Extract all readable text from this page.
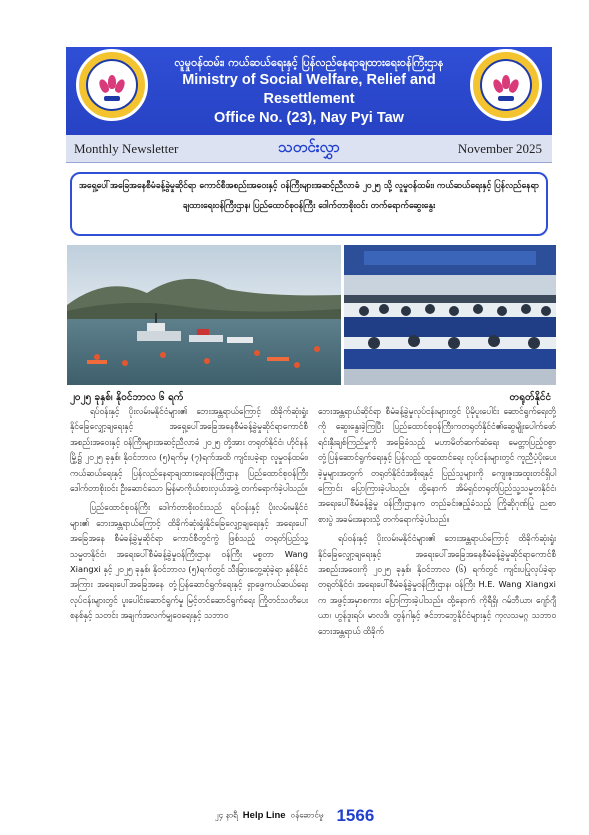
လူမှုဝန်ထမ်း၊ ကယ်ဆယ်ရေးနှင့် ပြန်လည်နေရာချထားရေးဝန်ကြီးဌာန
Ministry of Social Welfare, Relief and Resettlement
Office No. (23), Nay Pyi Taw
Monthly Newsletter	သတင်းလွှာ	November 2025
အရှေ့ပေါ်အခြေအနေစီမံခန့်ခွဲမှုဆိုင်ရာ ကောင်စီအစည်းအဝေးနှင့် ဝန်ကြီးများအဆင့်ညီလာခံ ၂၀၂၅ သို့ လူမှုဝန်ထမ်း၊ ကယ်ဆယ်ရေးနှင့် ပြန်လည်နေရာချထားရေးဝန်ကြီးဌာန၊ ပြည်ထောင်စုဝန်ကြီး ဒေါက်တာစိုးဝင်း တက်ရောက်ဆွေးနွေး
၂၀၂၅ ခုနှစ်၊ နိုဝင်ဘာလ ၆ ရက်	တရုတ်နိုင်ငံ

ရပ်ဝန်းနှင့် ပိုးလမ်းမနိုင်ငံများ၏ ဘေးအန္တရာယ်ကြောင့် ထိခိုက်ဆုံးရှုံးနိုင်ခြေလျှော့ချရေးနှင့် အရှေ့ပေါ်အခြေအနေစီမံခန့်ခွဲမှုဆိုင်ရာကောင်စီ အစည်းအဝေးနှင့် ဝန်ကြီးများအဆင့်ညီလာခံ ၂၀၂၅ တို့အား တရုတ်နိုင်ငံ၊ ဟိုင်နန်မြို့၌ ၂၀၂၅ ခုနှစ်၊ နိုဝင်ဘာလ (၅)ရက်မှ (၇)ရက်အထိ ကျင်းပခဲ့ရာ လူမှုဝန်ထမ်း၊ ကယ်ဆယ်ရေးနှင့် ပြန်လည်နေရာချထားရေးဝန်ကြီးဌာန ပြည်ထောင်စုဝန်ကြီး ဒေါက်တာစိုးဝင်း ဦးဆောင်သော မြန်မာကိုယ်စားလှယ်အဖွဲ့ တက်ရောက်ခဲ့ပါသည်။

ပြည်ထောင်စုဝန်ကြီး ဒေါက်တာစိုးဝင်းသည် ရပ်ဝန်းနှင့် ပိုးလမ်းမနိုင်ငံများ၏ ဘေးအန္တရာယ်ကြောင့် ထိခိုက်ဆုံးရှုံးနိုင်ခြေလျှော့ချရေးနှင့် အရေးပေါ်အခြေအနေ စီမံခန့်ခွဲမှုဆိုင်ရာ ကောင်စီတွင်ကွဲ ဖြစ်သည့် တရုတ်ပြည်သူ့သမ္မတနိုင်ငံ၊ အရေးပေါ်စီမံခန့်ခွဲမှုဝန်ကြီးဌာန၊ ဝန်ကြီး မစ္စတာ Wang Xiangxi နှင့် ၂၀၂၅ ခုနှစ်၊ နိုဝင်ဘာလ (၅)ရက်တွင် သီးခြားတွေ့ဆုံခဲ့ရာ နှစ်နိုင်ငံအကြား အရေးပေါ်အခြေအနေ တုံ့ပြန်ဆောင်ရွက်ရေးနှင့် ရှာဖွေကယ်ဆယ်ရေး လုပ်ငန်းများတွင် ပူးပေါင်းဆောင်ရွက်မှု မြင့်တင်ဆောင်ရွက်ရေး ကြိုတင်သတိပေးစနစ်နှင့် သတင်း အချက်အလက်မျှဝေရေးနှင့် သဘာဝ

ဘေးအန္တရာယ်ဆိုင်ရာ စီမံခန့်ခွဲမှုလုပ်ငန်းများတွင် ပိုမိုပူးပေါင်း ဆောင်ရွက်ရေးတို့ကို ဆွေးနွေးခဲ့ကြပြီး ပြည်ထောင်စုဝန်ကြီးကတရုတ်နိုင်ငံ၏ဆွေမျိုးပေါက်ဖော်ရင်းနှီးချစ်ကြည်မှုကို အခြေခံသည့် မဟာမိတ်ဆက်ဆံရေး မေတ္တာပြည့်ဝစွာ တုံ့ပြန်ဆောင်ရွက်ရေးနှင့် ပြန်လည် ထူထောင်ရေး လုပ်ငန်းများတွင် ကူညီပံ့ပိုးပေးခဲ့မှုများအတွက် တရုတ်နိုင်ငံအစိုးရနှင့် ပြည်သူများကို ကျေးဇူးအထူးတင်ရှိပါကြောင်း ပြောကြားခဲ့ပါသည်။ ထို့နောက် အိမ်ရှင်တရုတ်ပြည်သူ့သမ္မတနိုင်ငံ၊ အရေးပေါ်စီမံခန့်ခွဲမှု ဝန်ကြီးဌာနက တည်ခင်းဧည့်ခံသည့် ကြိုဆိုဂုဏ်ပြု ညစာစားပွဲ အခမ်းအနားသို့ တက်ရောက်ခဲ့ပါသည်။

ရပ်ဝန်းနှင့် ပိုးလမ်းမနိုင်ငံများ၏ ဘေးအန္တရာယ်ကြောင့် ထိခိုက်ဆုံးရှုံးနိုင်ခြေလျှော့ချရေးနှင့် အရေးပေါ်အခြေအနေစီမံခန့်ခွဲမှုဆိုင်ရာကောင်စီ အစည်းအဝေးကို ၂၀၂၅ ခုနှစ်၊ နိုဝင်ဘာလ (၆) ရက်တွင် ကျင်းပပြုလုပ်ခဲ့ရာ တရုတ်နိုင်ငံ၊ အရေးပေါ်စီမံခန့်ခွဲမှုဝန်ကြီးဌာန၊ ဝန်ကြီး H.E. Wang Xiangxi က အဖွင့်အမှာစကား ပြောကြားခဲ့ပါသည်။ ထို့နောက် ကိုရီရှိ၊ ဂမ်ဘီယာ၊ ဂျော်ဂျီယာ၊ ဟွန်ဒူးရပ်၊ မာလဒိ၊ တွန်ဂါနှင့် ဇင်ဘာဘွေနိုင်ငံများနှင့် ကုလသမဂ္ဂ သဘာဝဘေးအန္တရာယ် ထိခိုက်

၂၄ နာရီ Help Line ဝန်ဆောင်မှု 1566
